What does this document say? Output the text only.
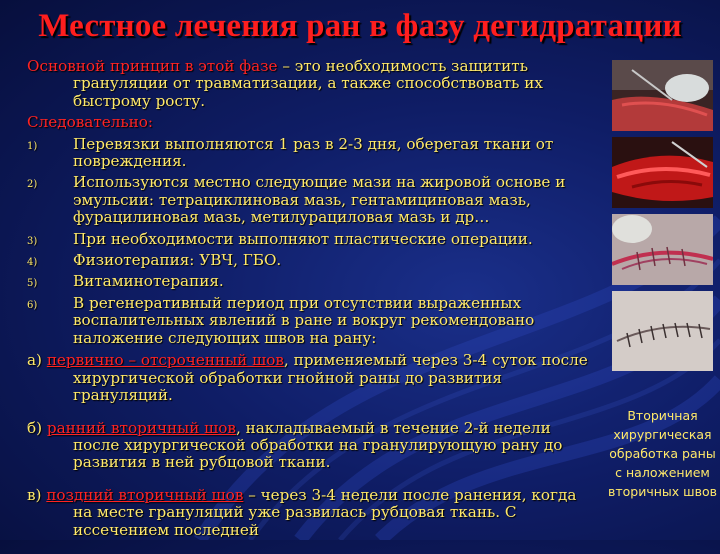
Местное лечения ран в фазу дегидратации

Основной принцип в этой фазе – это необходимость защитить грануляции от травматизации, а также способствовать их быстрому росту.

Следовательно:

1) Перевязки выполняются 1 раз в 2-3 дня, оберегая ткани от повреждения.
2) Используются местно следующие мази на жировой основе и эмульсии: тетрациклиновая мазь, гентамициновая мазь, фурацилиновая мазь, метилурациловая мазь и др…
3) При необходимости выполняют пластические операции.
4) Физиотерапия: УВЧ, ГБО.
5) Витаминотерапия.
6) В регенеративный период при отсутствии выраженных воспалительных явлений в ране и вокруг рекомендовано наложение следующих швов на рану:

а) первично – отсроченный шов, применяемый через 3-4 суток после хирургической обработки гнойной раны до развития грануляций.

б) ранний вторичный шов, накладываемый в течение 2-й недели после хирургической обработки на гранулирующую рану до развития в ней рубцовой ткани.

в) поздний вторичный шов – через 3-4 недели после ранения, когда на месте грануляций уже развилась рубцовая ткань. С иссечением последней

Вторичная хирургическая обработка раны с наложением вторичных швов
